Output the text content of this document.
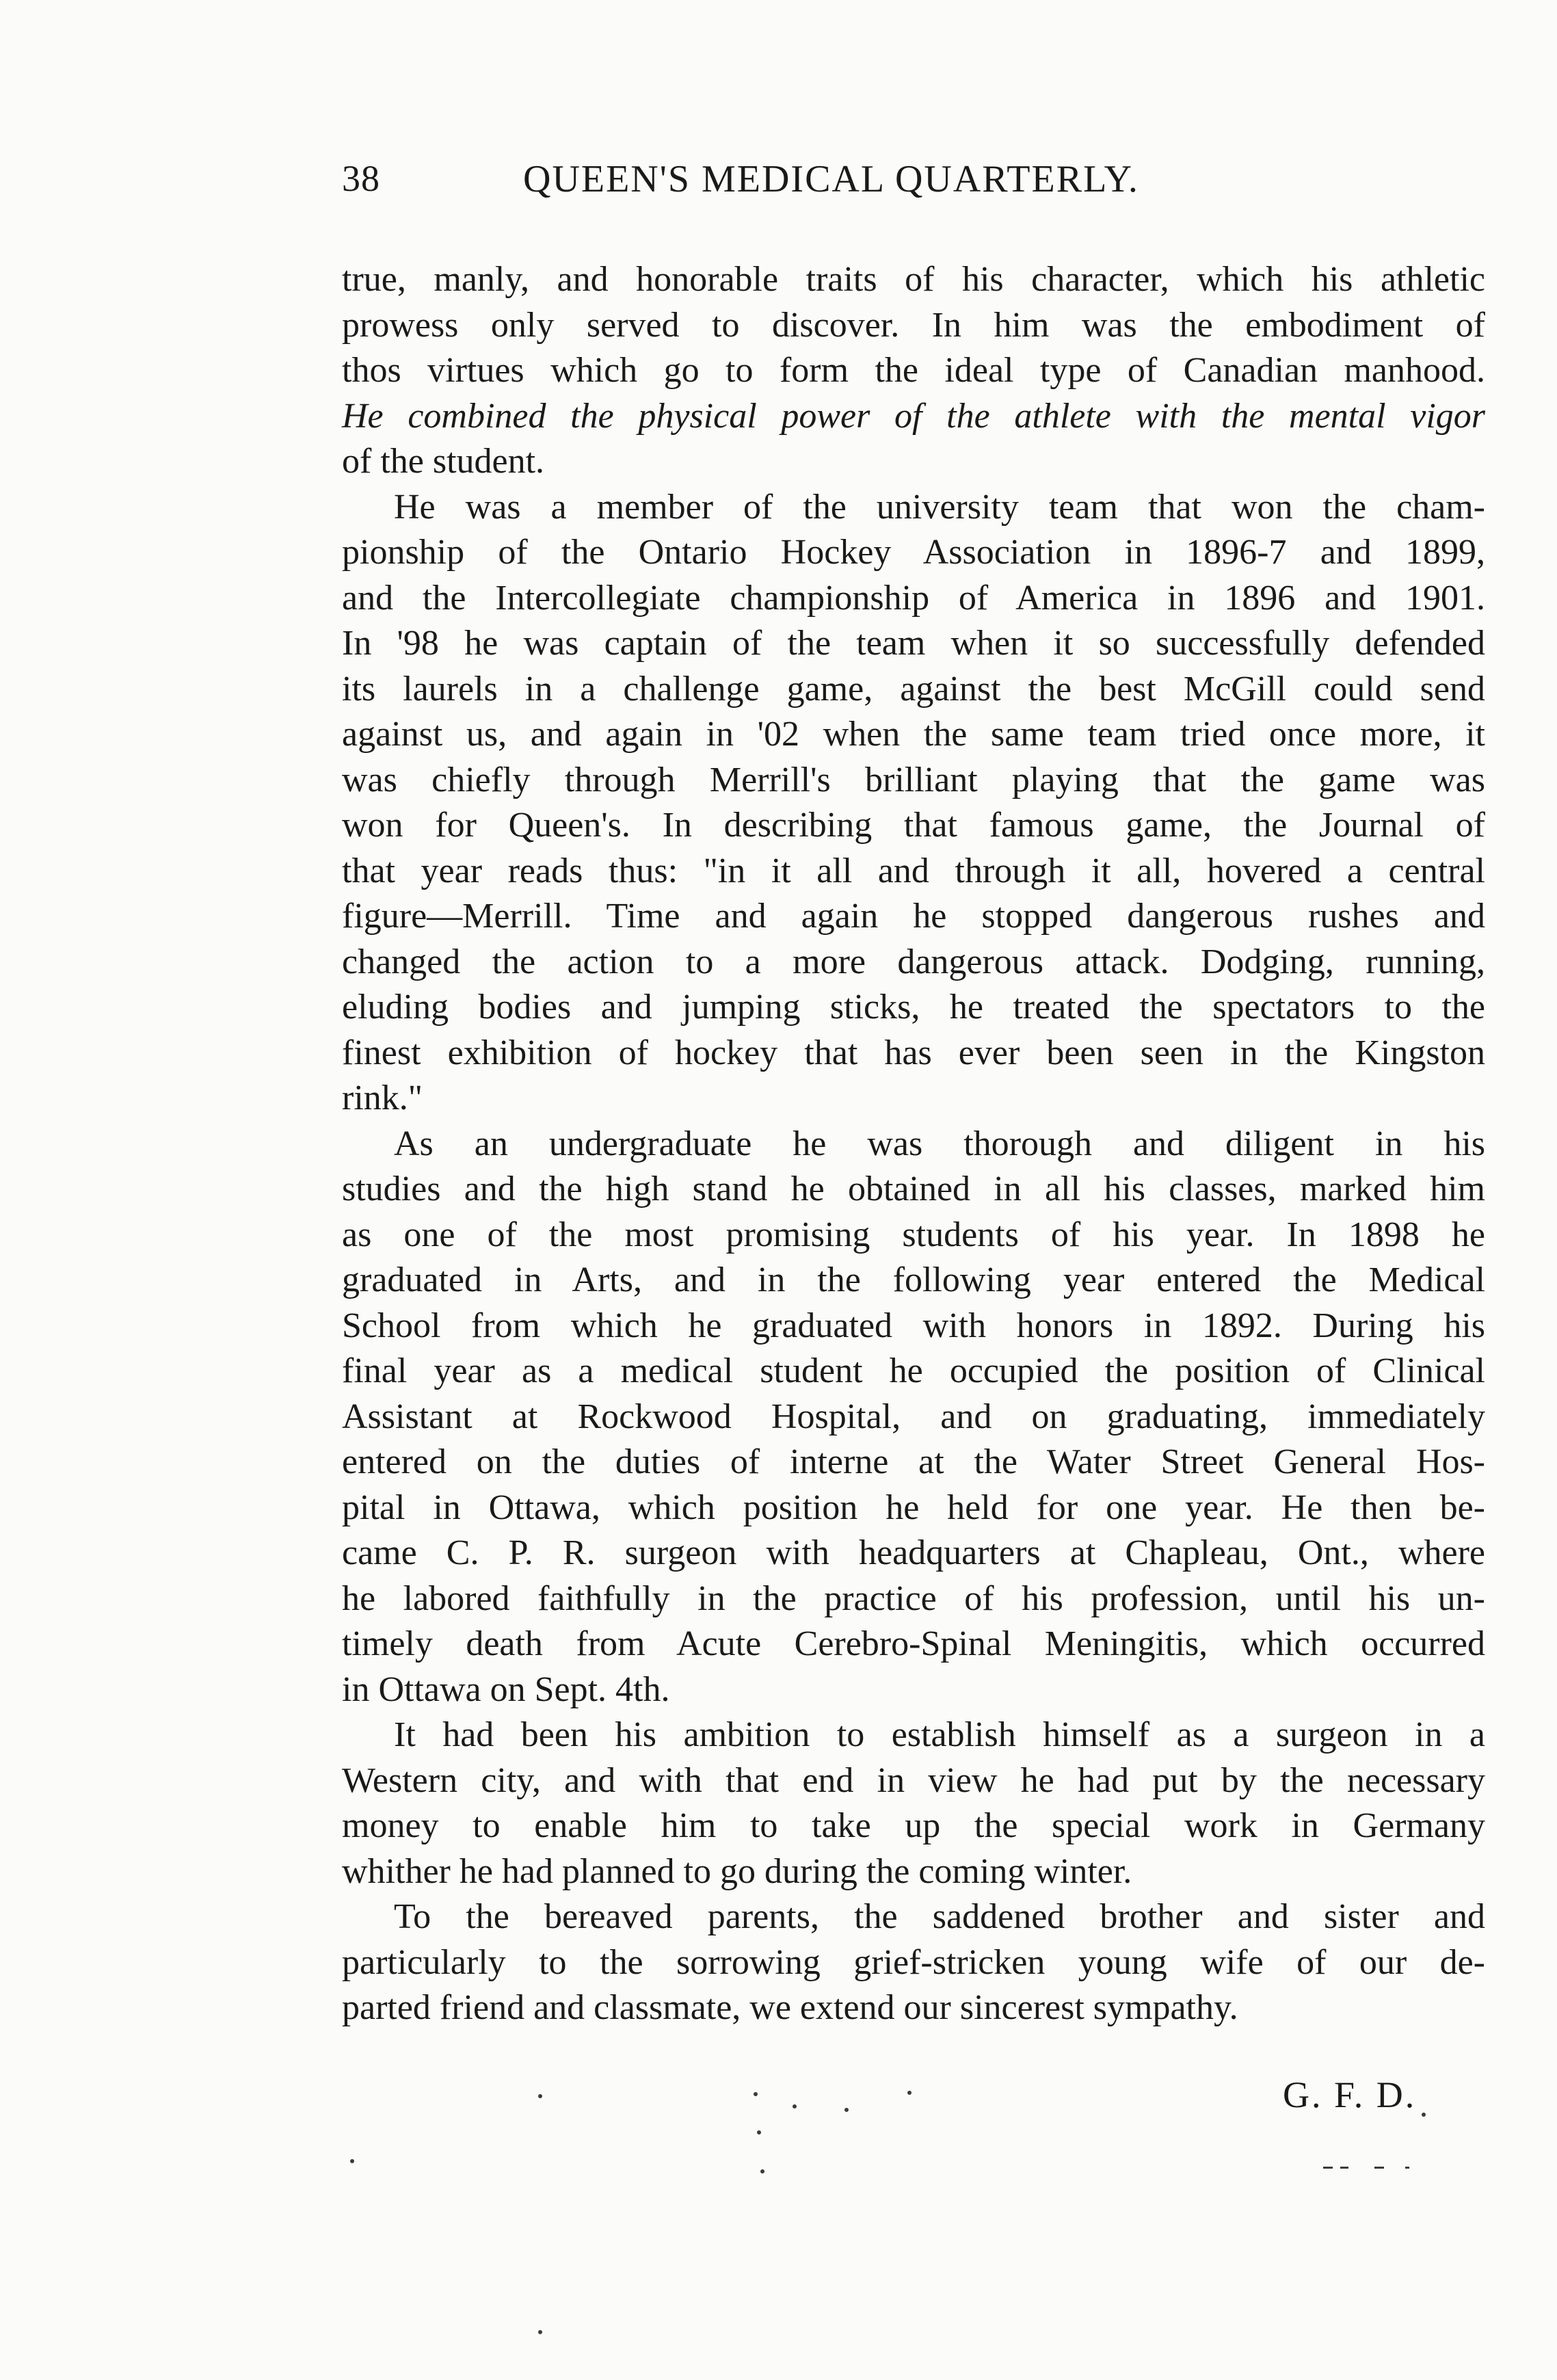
38	QUEEN'S MEDICAL QUARTERLY.
true, manly, and honorable traits of his character, which his athletic
prowess only served to discover. In him was the embodiment of
thos virtues which go to form the ideal type of Canadian manhood.
He combined the physical power of the athlete with the mental vigor
of the student.
He was a member of the university team that won the cham-
pionship of the Ontario Hockey Association in 1896-7 and 1899,
and the Intercollegiate championship of America in 1896 and 1901.
In '98 he was captain of the team when it so successfully defended
its laurels in a challenge game, against the best McGill could send
against us, and again in '02 when the same team tried once more, it
was chiefly through Merrill's brilliant playing that the game was
won for Queen's. In describing that famous game, the Journal of
that year reads thus: "in it all and through it all, hovered a central
figure—Merrill. Time and again he stopped dangerous rushes and
changed the action to a more dangerous attack. Dodging, running,
eluding bodies and jumping sticks, he treated the spectators to the
finest exhibition of hockey that has ever been seen in the Kingston
rink."
As an undergraduate he was thorough and diligent in his
studies and the high stand he obtained in all his classes, marked him
as one of the most promising students of his year. In 1898 he
graduated in Arts, and in the following year entered the Medical
School from which he graduated with honors in 1892. During his
final year as a medical student he occupied the position of Clinical
Assistant at Rockwood Hospital, and on graduating, immediately
entered on the duties of interne at the Water Street General Hos-
pital in Ottawa, which position he held for one year. He then be-
came C. P. R. surgeon with headquarters at Chapleau, Ont., where
he labored faithfully in the practice of his profession, until his un-
timely death from Acute Cerebro-Spinal Meningitis, which occurred
in Ottawa on Sept. 4th.
It had been his ambition to establish himself as a surgeon in a
Western city, and with that end in view he had put by the necessary
money to enable him to take up the special work in Germany
whither he had planned to go during the coming winter.
To the bereaved parents, the saddened brother and sister and
particularly to the sorrowing grief-stricken young wife of our de-
parted friend and classmate, we extend our sincerest sympathy.
G. F. D.
